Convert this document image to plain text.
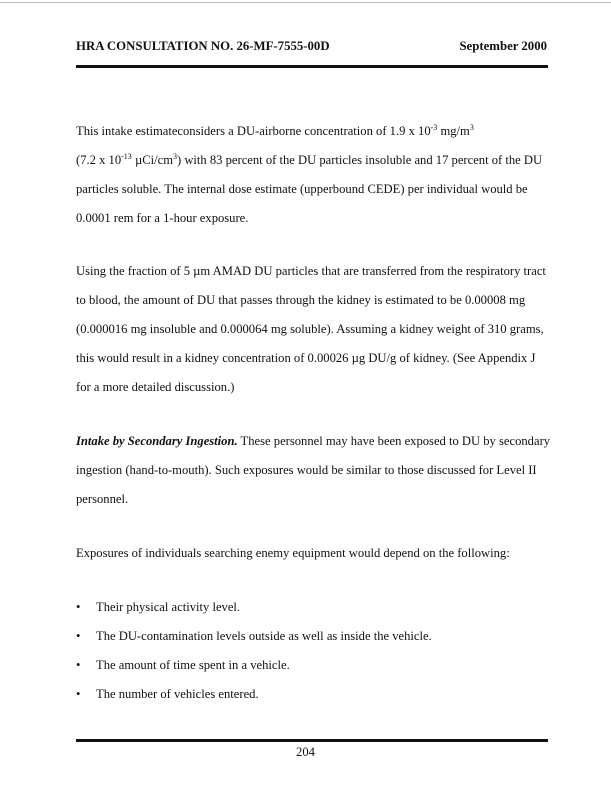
HRA CONSULTATION NO. 26-MF-7555-00D	September 2000
This intake estimateconsiders a DU-airborne concentration of 1.9 x $10^{-3}$ $mg/m^3$
(7.2 x $10^{-13}$ µCi/$cm^3$) with 83 percent of the DU particles insoluble and 17 percent of the DU particles soluble. The internal dose estimate (upperbound CEDE) per individual would be 0.0001 rem for a 1-hour exposure.
Using the fraction of 5 µm AMAD DU particles that are transferred from the respiratory tract to blood, the amount of DU that passes through the kidney is estimated to be 0.00008 mg (0.000016 mg insoluble and 0.000064 mg soluble). Assuming a kidney weight of 310 grams, this would result in a kidney concentration of 0.00026 µg DU/g of kidney. (See Appendix J for a more detailed discussion.)
Intake by Secondary Ingestion. These personnel may have been exposed to DU by secondary ingestion (hand-to-mouth). Such exposures would be similar to those discussed for Level II personnel.
Exposures of individuals searching enemy equipment would depend on the following:
• Their physical activity level.
• The DU-contamination levels outside as well as inside the vehicle.
• The amount of time spent in a vehicle.
• The number of vehicles entered.
204
